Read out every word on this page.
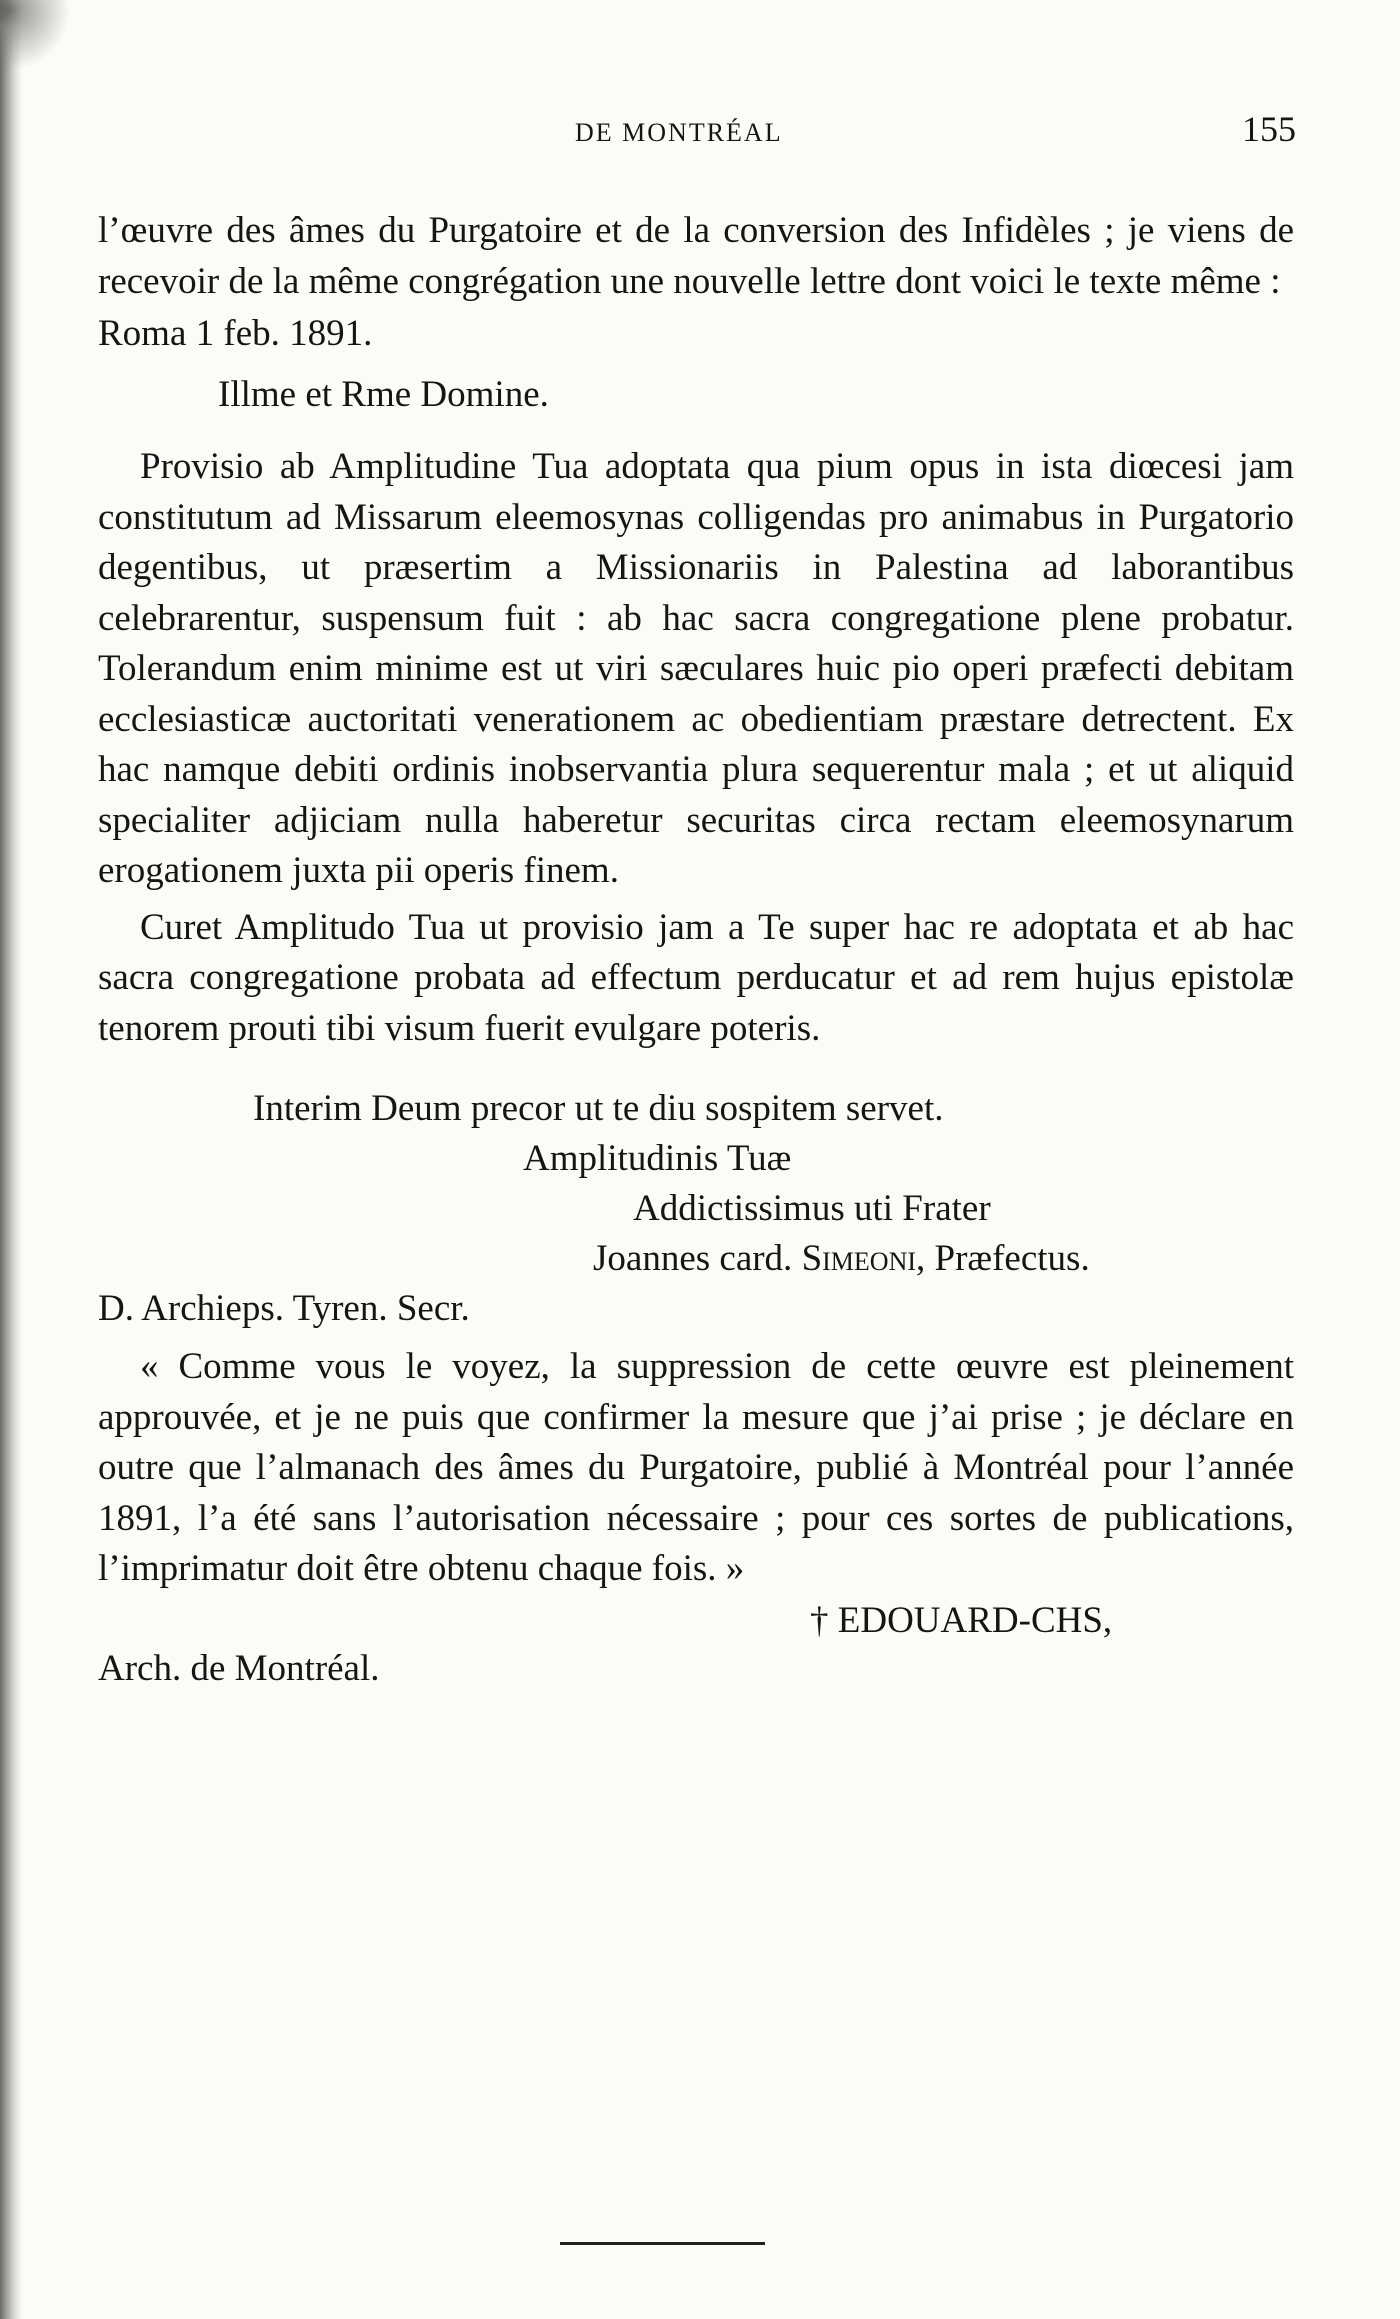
DE MONTRÉAL	155

l’œuvre des âmes du Purgatoire et de la conversion des Infidèles ; je viens de recevoir de la même congrégation une nouvelle lettre dont voici le texte même :

Roma 1 feb. 1891.

Illme et Rme Domine.

Provisio ab Amplitudine Tua adoptata qua pium opus in ista diœcesi jam constitutum ad Missarum eleemosynas colligendas pro animabus in Purgatorio degentibus, ut præsertim a Missionariis in Palestina ad laborantibus celebrarentur, suspensum fuit : ab hac sacra congregatione plene probatur. Tolerandum enim minime est ut viri sæculares huic pio operi præfecti debitam ecclesiasticæ auctoritati venerationem ac obedientiam præstare detrectent. Ex hac namque debiti ordinis inobservantia plura sequerentur mala ; et ut aliquid specialiter adjiciam nulla haberetur securitas circa rectam eleemosynarum erogationem juxta pii operis finem.

Curet Amplitudo Tua ut provisio jam a Te super hac re adoptata et ab hac sacra congregatione probata ad effectum perducatur et ad rem hujus epistolæ tenorem prouti tibi visum fuerit evulgare poteris.

Interim Deum precor ut te diu sospitem servet.

Amplitudinis Tuæ

Addictissimus uti Frater

Joannes card. Simeoni, Præfectus.

D. Archieps. Tyren. Secr.

« Comme vous le voyez, la suppression de cette œuvre est pleinement approuvée, et je ne puis que confirmer la mesure que j’ai prise ; je déclare en outre que l’almanach des âmes du Purgatoire, publié à Montréal pour l’année 1891, l’a été sans l’autorisation nécessaire ; pour ces sortes de publications, l’imprimatur doit être obtenu chaque fois. »

† EDOUARD-CHS,

Arch. de Montréal.
